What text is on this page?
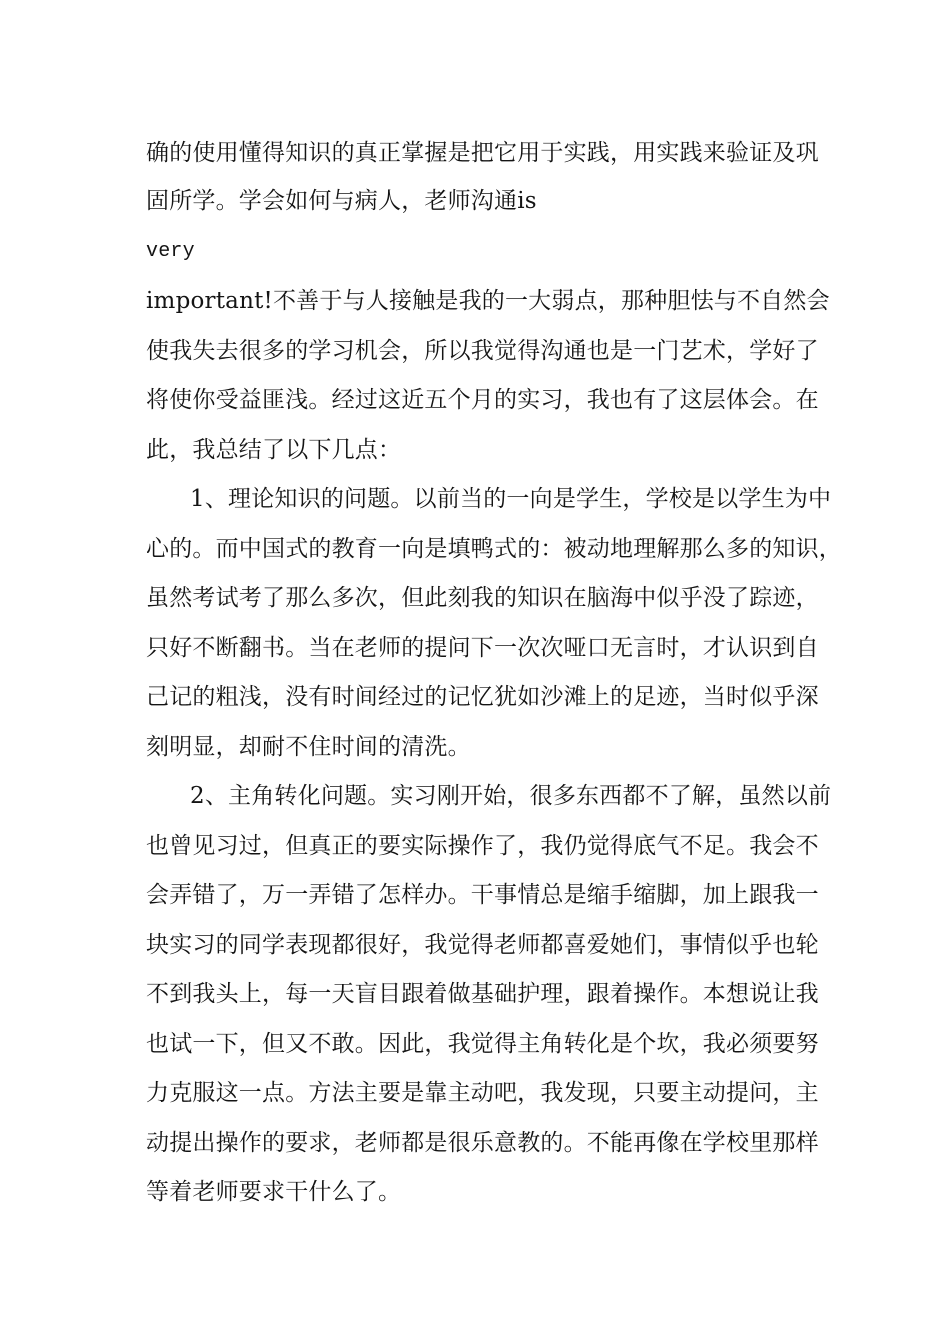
确的使用懂得知识的真正掌握是把它用于实践，用实践来验证及巩
固所学。学会如何与病人，老师沟通is
very
important!不善于与人接触是我的一大弱点，那种胆怯与不自然会
使我失去很多的学习机会，所以我觉得沟通也是一门艺术，学好了
将使你受益匪浅。经过这近五个月的实习，我也有了这层体会。在
此，我总结了以下几点：
1、理论知识的问题。以前当的一向是学生，学校是以学生为中
心的。而中国式的教育一向是填鸭式的：被动地理解那么多的知识，
虽然考试考了那么多次，但此刻我的知识在脑海中似乎没了踪迹，
只好不断翻书。当在老师的提问下一次次哑口无言时，才认识到自
己记的粗浅，没有时间经过的记忆犹如沙滩上的足迹，当时似乎深
刻明显，却耐不住时间的清洗。
2、主角转化问题。实习刚开始，很多东西都不了解，虽然以前
也曾见习过，但真正的要实际操作了，我仍觉得底气不足。我会不
会弄错了，万一弄错了怎样办。干事情总是缩手缩脚，加上跟我一
块实习的同学表现都很好，我觉得老师都喜爱她们，事情似乎也轮
不到我头上，每一天盲目跟着做基础护理，跟着操作。本想说让我
也试一下，但又不敢。因此，我觉得主角转化是个坎，我必须要努
力克服这一点。方法主要是靠主动吧，我发现，只要主动提问，主
动提出操作的要求，老师都是很乐意教的。不能再像在学校里那样
等着老师要求干什么了。
